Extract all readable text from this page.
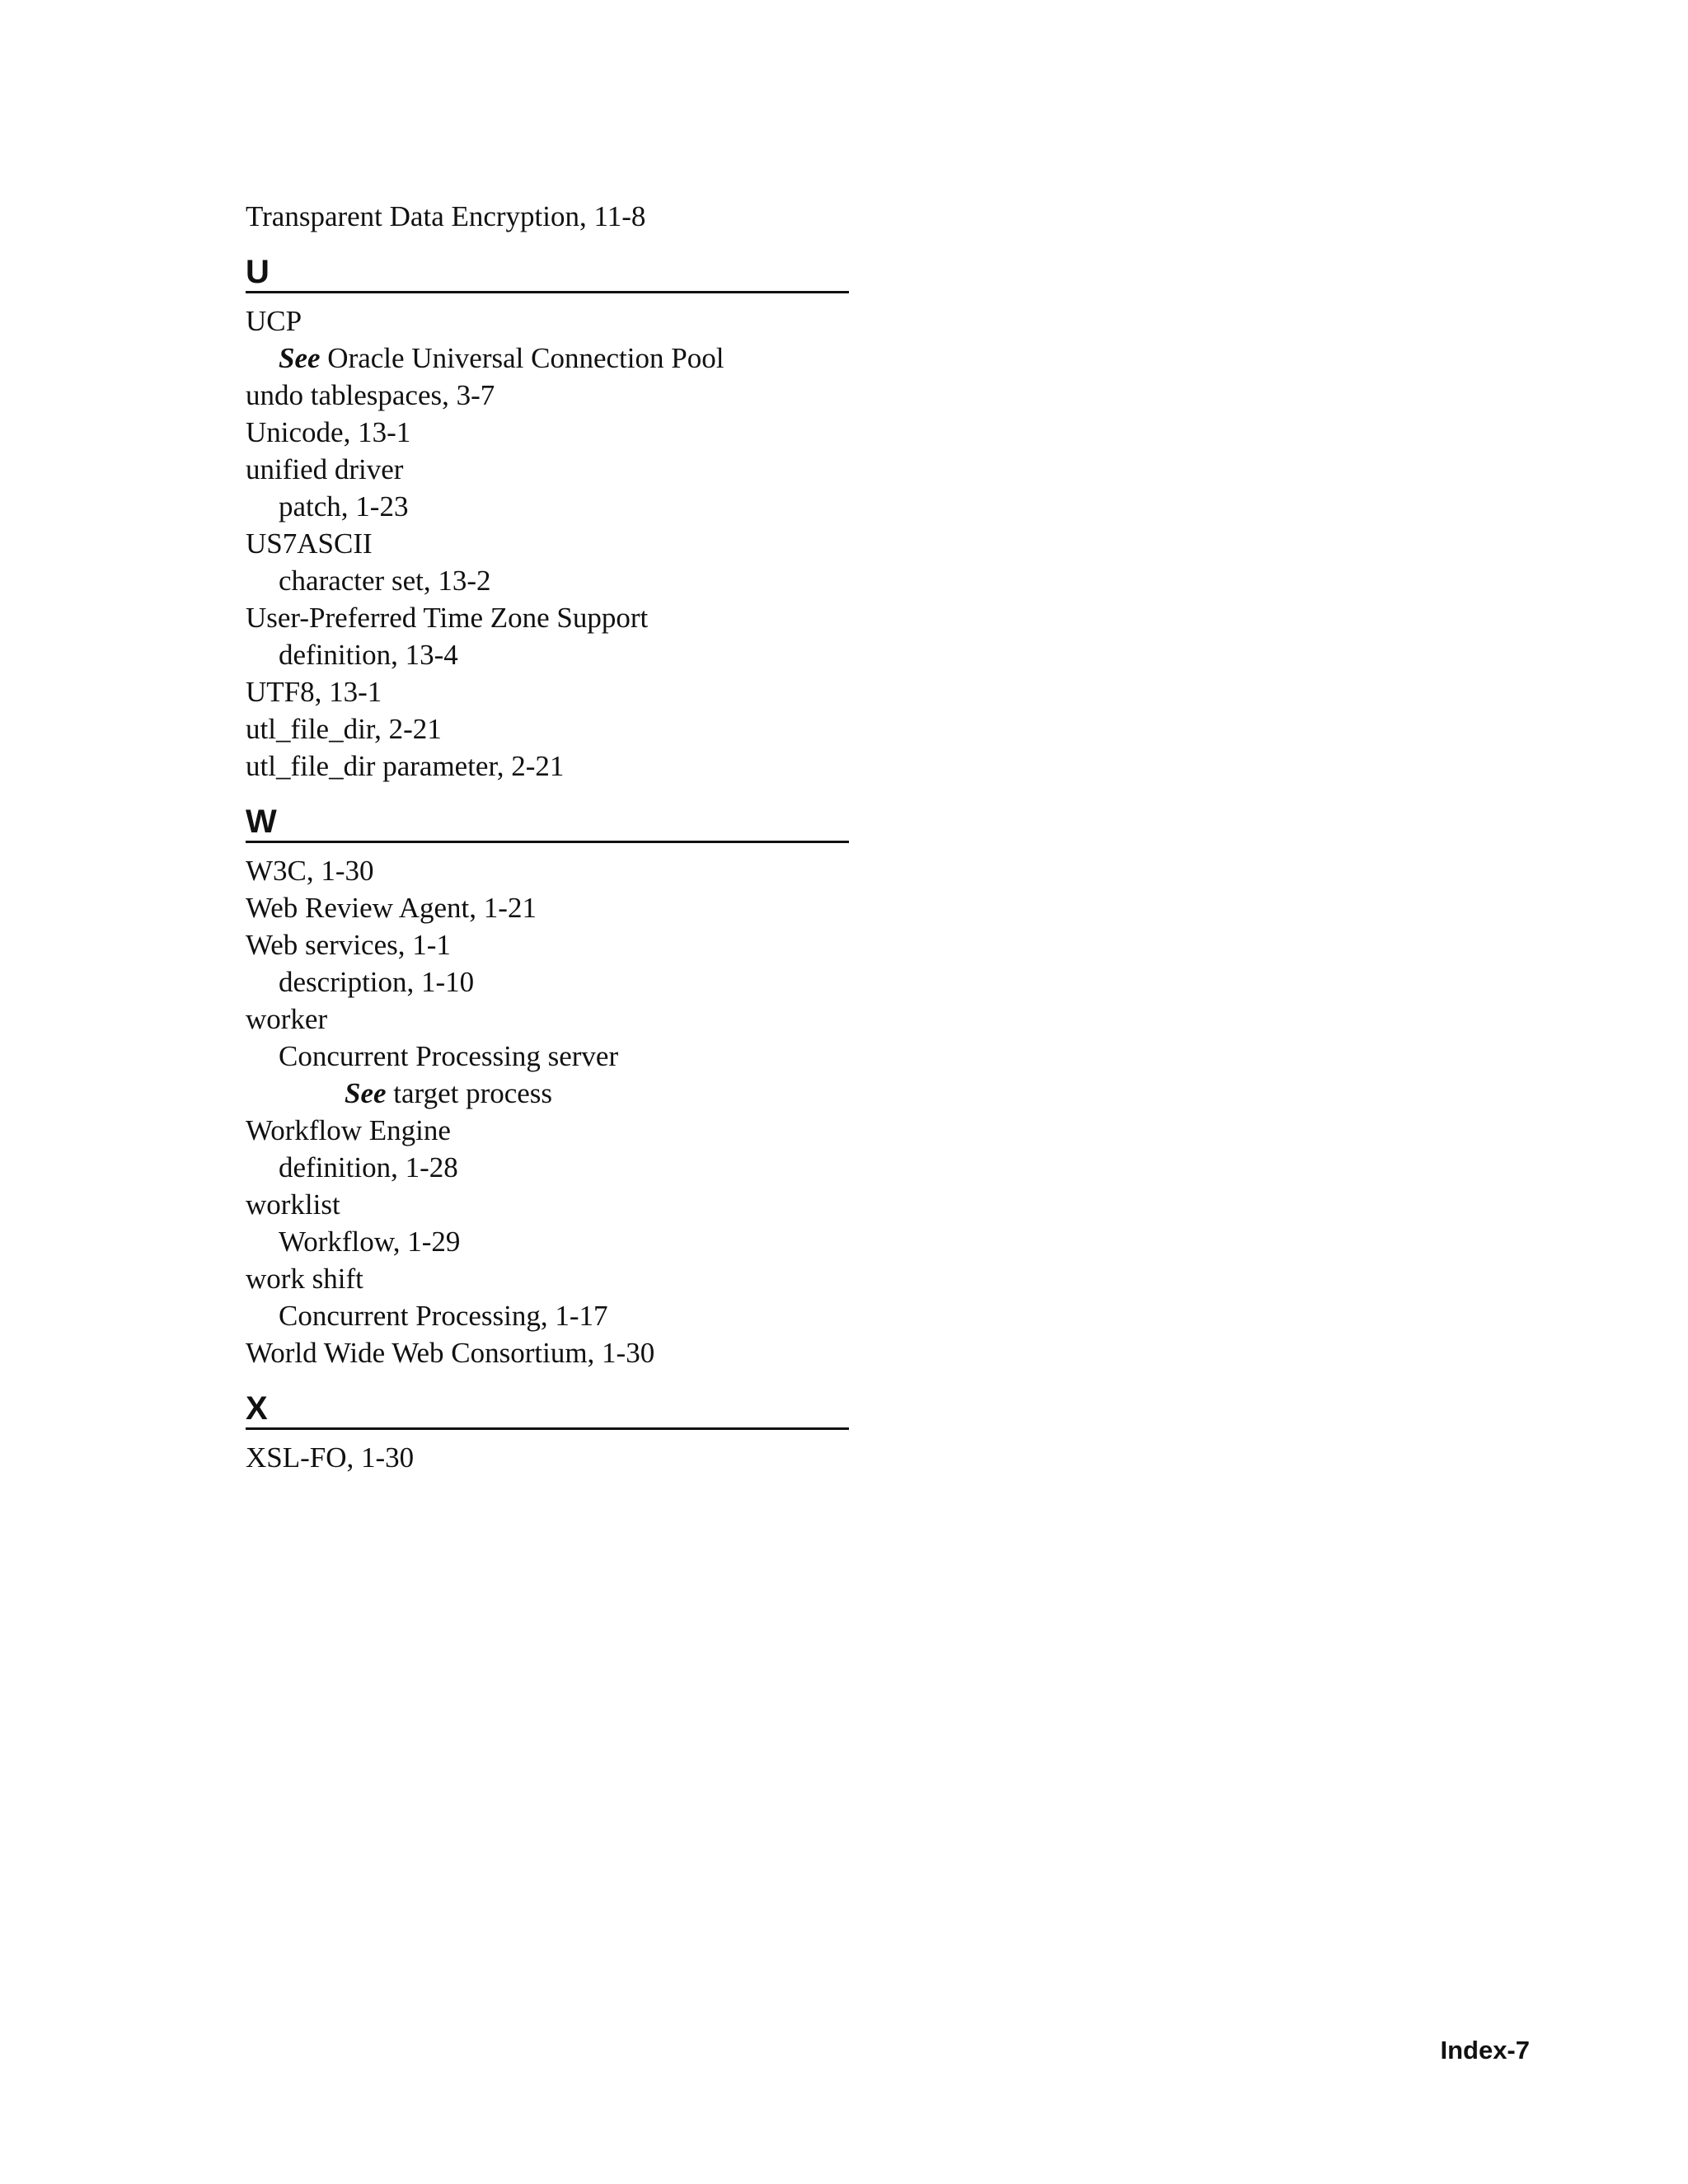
Transparent Data Encryption, 11-8
U
UCP
See Oracle Universal Connection Pool
undo tablespaces, 3-7
Unicode, 13-1
unified driver
patch, 1-23
US7ASCII
character set, 13-2
User-Preferred Time Zone Support
definition, 13-4
UTF8, 13-1
utl_file_dir, 2-21
utl_file_dir parameter, 2-21
W
W3C, 1-30
Web Review Agent, 1-21
Web services, 1-1
description, 1-10
worker
Concurrent Processing server
See target process
Workflow Engine
definition, 1-28
worklist
Workflow, 1-29
work shift
Concurrent Processing, 1-17
World Wide Web Consortium, 1-30
X
XSL-FO, 1-30
Index-7
